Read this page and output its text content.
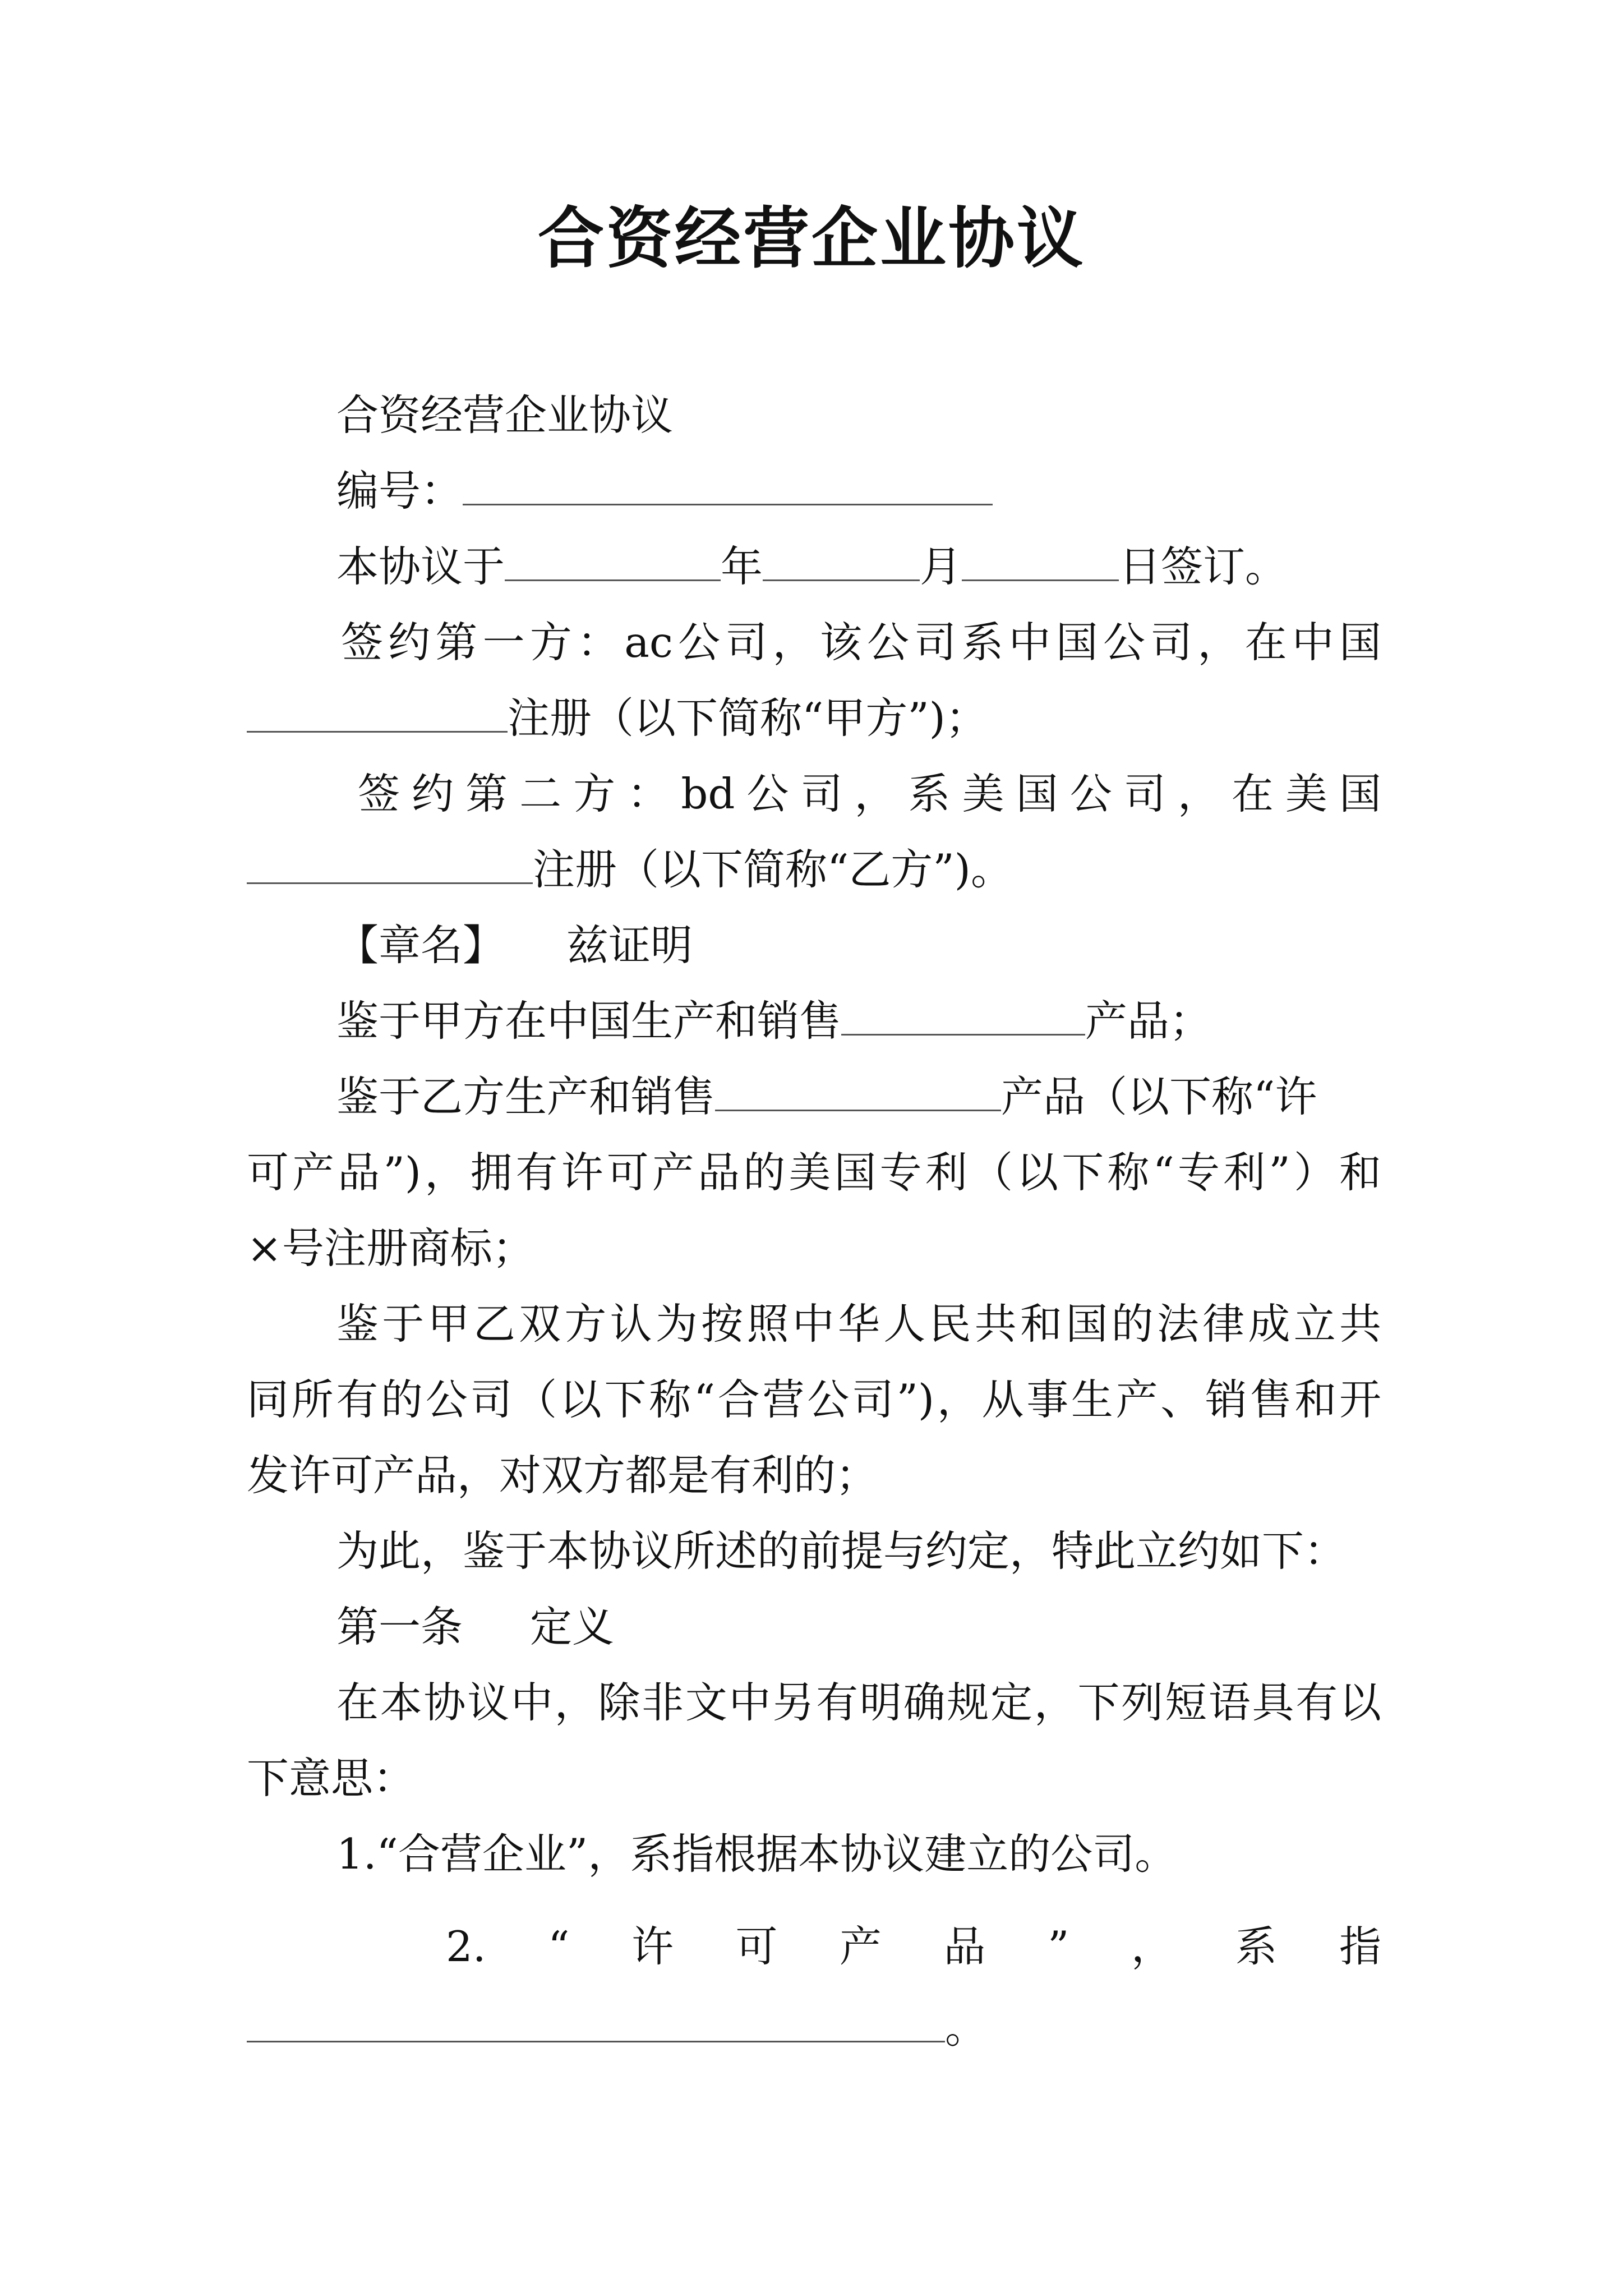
合资经营企业协议
合资经营企业协议
编号：
本协议于	年	月	日签订。
签约第一方：ac公司，该公司系中国公司，在中国
注册（以下简称“甲方”)；
签约第二方：bd公司，系美国公司，在美国
注册（以下简称“乙方”)。
【章名】 兹证明
鉴于甲方在中国生产和销售	产品；
鉴于乙方生产和销售	产品（以下称“许
可产品”)，拥有许可产品的美国专利（以下称“专利”）和
×号注册商标；
鉴于甲乙双方认为按照中华人民共和国的法律成立共
同所有的公司（以下称“合营公司”)，从事生产、销售和开
发许可产品，对双方都是有利的；
为此，鉴于本协议所述的前提与约定，特此立约如下：
第一条 定义
在本协议中，除非文中另有明确规定，下列短语具有以
下意思：
1.“合营企业”，系指根据本协议建立的公司。
2. “ 许 可 产 品 ” ， 系 指
。
